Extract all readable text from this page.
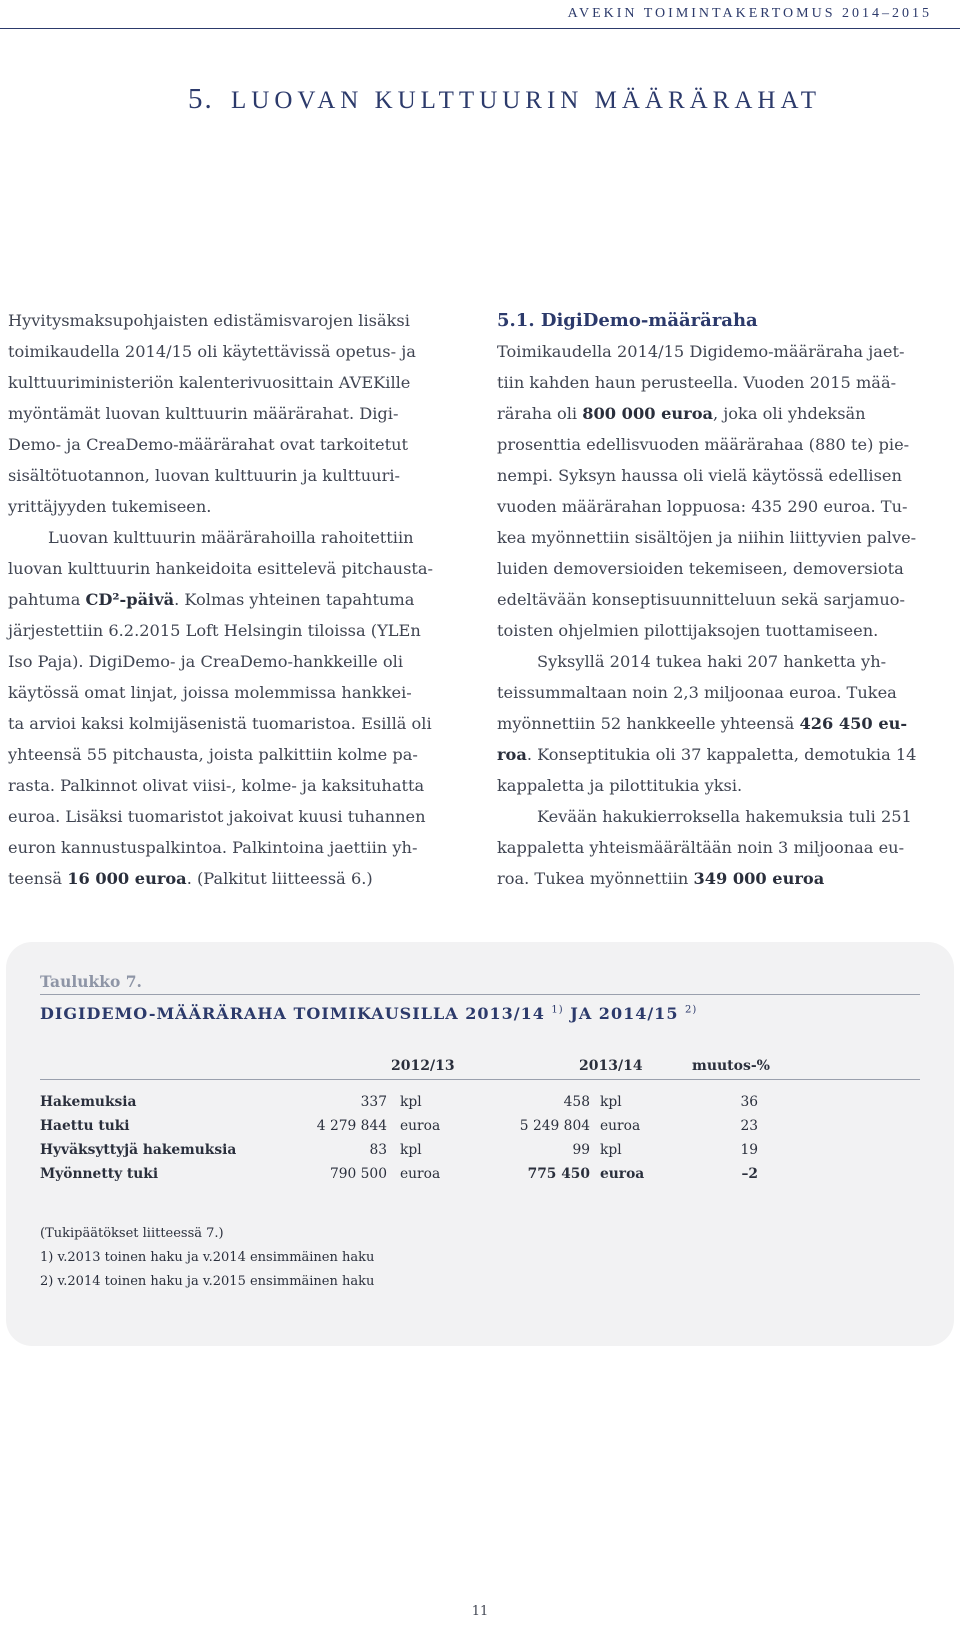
AVEKIN TOIMINTAKERTOMUS 2014–2015
5. LUOVAN KULTTUURIN MÄÄRÄRAHAT

Hyvitysmaksupohjaisten edistämisvarojen lisäksi
toimikaudella 2014/15 oli käytettävissä opetus- ja
kulttuuriministeriön kalenterivuosittain AVEKille
myöntämät luovan kulttuurin määrärahat. Digi-
Demo- ja CreaDemo-määrärahat ovat tarkoitetut
sisältötuotannon, luovan kulttuurin ja kulttuuri-
yrittäjyyden tukemiseen.

Luovan kulttuurin määrärahoilla rahoitettiin
luovan kulttuurin hankeidoita esittelevä pitchausta-
pahtuma CD²-päivä. Kolmas yhteinen tapahtuma
järjestettiin 6.2.2015 Loft Helsingin tiloissa (YLEn
Iso Paja). DigiDemo- ja CreaDemo-hankkeille oli
käytössä omat linjat, joissa molemmissa hankkei-
ta arvioi kaksi kolmijäsenistä tuomaristoa. Esillä oli
yhteensä 55 pitchausta, joista palkittiin kolme pa-
rasta. Palkinnot olivat viisi-, kolme- ja kaksituhatta
euroa. Lisäksi tuomaristot jakoivat kuusi tuhannen
euron kannustuspalkintoa. Palkintoina jaettiin yh-
teensä 16 000 euroa. (Palkitut liitteessä 6.)

5.1. DigiDemo-määräraha
Toimikaudella 2014/15 Digidemo-määräraha jaet-
tiin kahden haun perusteella. Vuoden 2015 mää-
räraha oli 800 000 euroa, joka oli yhdeksän
prosenttia edellisvuoden määrärahaa (880 te) pie-
nempi. Syksyn haussa oli vielä käytössä edellisen
vuoden määrärahan loppuosa: 435 290 euroa. Tu-
kea myönnettiin sisältöjen ja niihin liittyvien palve-
luiden demoversioiden tekemiseen, demoversiota
edeltävään konseptisuunnitteluun sekä sarjamuo-
toisten ohjelmien pilottijaksojen tuottamiseen.
Syksyllä 2014 tukea haki 207 hanketta yh-
teissummaltaan noin 2,3 miljoonaa euroa. Tukea
myönnettiin 52 hankkeelle yhteensä 426 450 eu-
roa. Konseptitukia oli 37 kappaletta, demotukia 14
kappaletta ja pilottitukia yksi.
Kevään hakukierroksella hakemuksia tuli 251
kappaletta yhteismäärältään noin 3 miljoonaa eu-
roa. Tukea myönnettiin 349 000 euroa
Taulukko 7.
DIGIDEMO-MÄÄRÄRAHA TOIMIKAUSILLA 2013/14 $^{1)}$ JA 2014/15 $^{2)}$
2012/13	2013/14	muutos-%
Hakemuksia	337 kpl	458 kpl	36
Haettu tuki	4 279 844 euroa	5 249 804 euroa	23
Hyväksyttyjä hakemuksia	83 kpl	99 kpl	19
Myönnetty tuki	790 500 euroa	775 450 euroa	–2
(Tukipäätökset liitteessä 7.)
1) v.2013 toinen haku ja v.2014 ensimmäinen haku
2) v.2014 toinen haku ja v.2015 ensimmäinen haku
11
